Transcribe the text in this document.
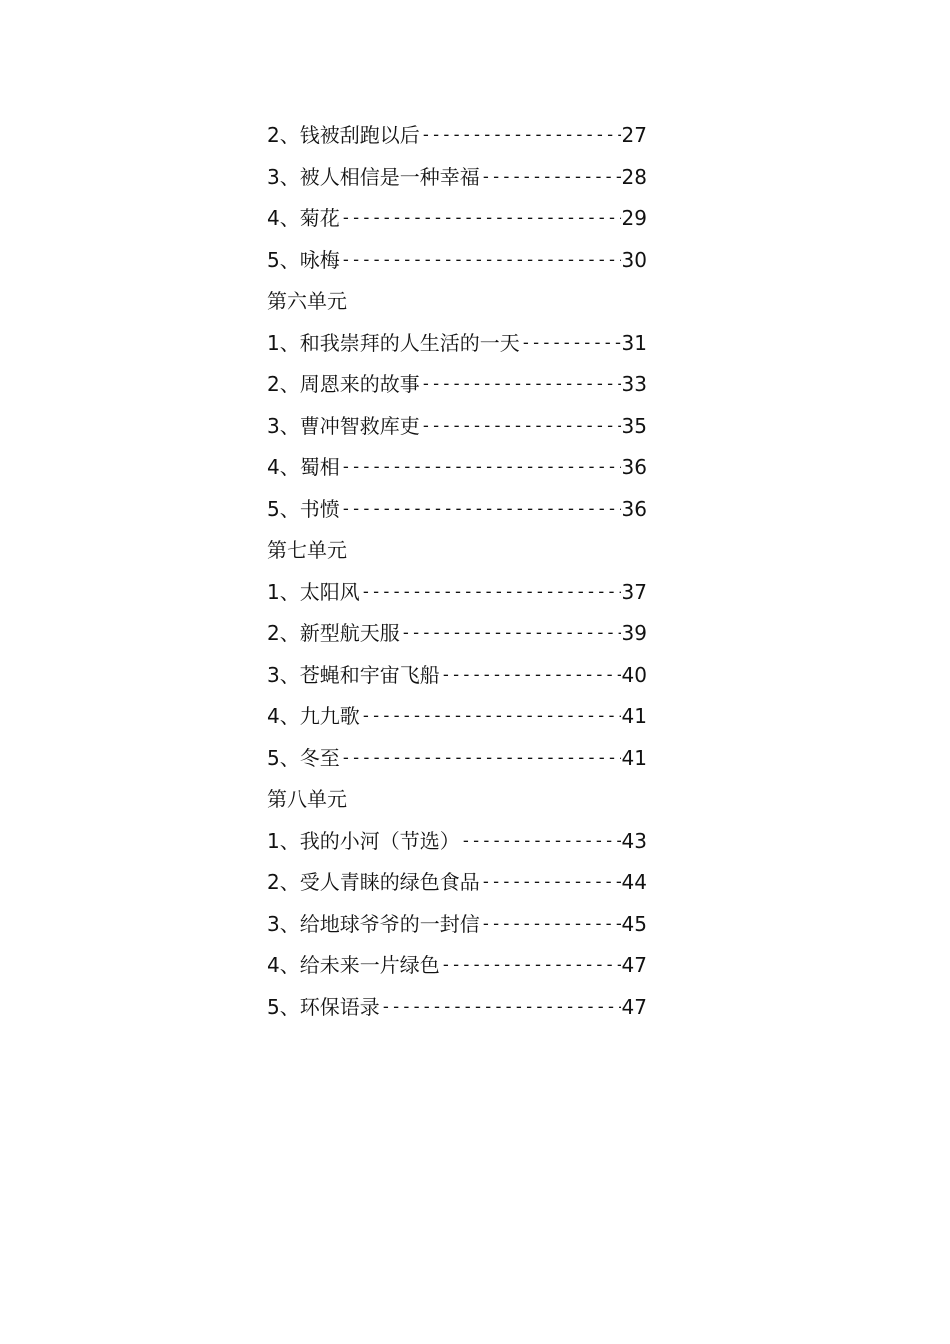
2、 钱被刮跑以后 -----	27
3、 被人相信是一种幸福 -----	28
4、 菊花 -----	29
5、 咏梅 -----	30
第六单元
1、 和我崇拜的人生活的一天 -----	31
2、 周恩来的故事 -----	33
3、 曹冲智救库吏 -----	35
4、 蜀相 -----	36
5、 书愤 -----	36
第七单元
1、 太阳风 -----	37
2、 新型航天服 -----	39
3、 苍蝇和宇宙飞船 -----	40
4、 九九歌 -----	41
5、 冬至 -----	41
第八单元
1、 我的小河（节选） -----	43
2、 受人青睐的绿色食品 -----	44
3、 给地球爷爷的一封信 -----	45
4、 给未来一片绿色 -----	47
5、 环保语录 -----	47
